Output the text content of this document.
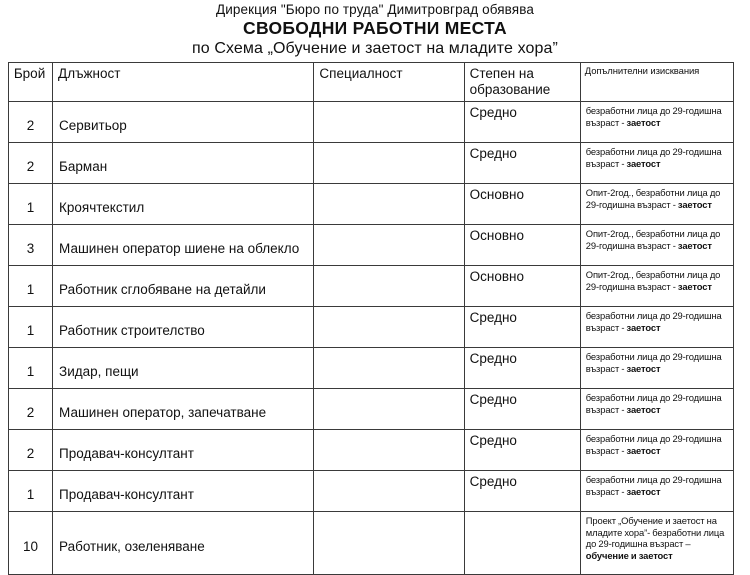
Дирекция "Бюро по труда" Димитровград обявява
СВОБОДНИ РАБОТНИ МЕСТА
по Схема „Обучение и заетост на младите хора”
Брой	Длъжност	Специалност	Степен на образование	Допълнителни изисквания

2	Сервитьор		Средно	безработни лица до 29-годишна възраст - заетост

2	Барман		Средно	безработни лица до 29-годишна възраст - заетост

1	Кроячтекстил		Основно	Опит-2год., безработни лица до 29-годишна възраст - заетост

3	Машинен оператор шиене на облекло		Основно	Опит-2год., безработни лица до 29-годишна възраст - заетост

1	Работник сглобяване на детайли		Основно	Опит-2год., безработни лица до 29-годишна възраст - заетост

1	Работник строителство		Средно	безработни лица до 29-годишна възраст - заетост

1	Зидар, пещи		Средно	безработни лица до 29-годишна възраст - заетост

2	Машинен оператор, запечатване		Средно	безработни лица до 29-годишна възраст - заетост

2	Продавач-консултант		Средно	безработни лица до 29-годишна възраст - заетост

1	Продавач-консултант		Средно	безработни лица до 29-годишна възраст - заетост

10	Работник, озеленяване			Проект „Обучение и заетост на младите хора”- безработни лица до 29-годишна възраст – обучение и заетост
